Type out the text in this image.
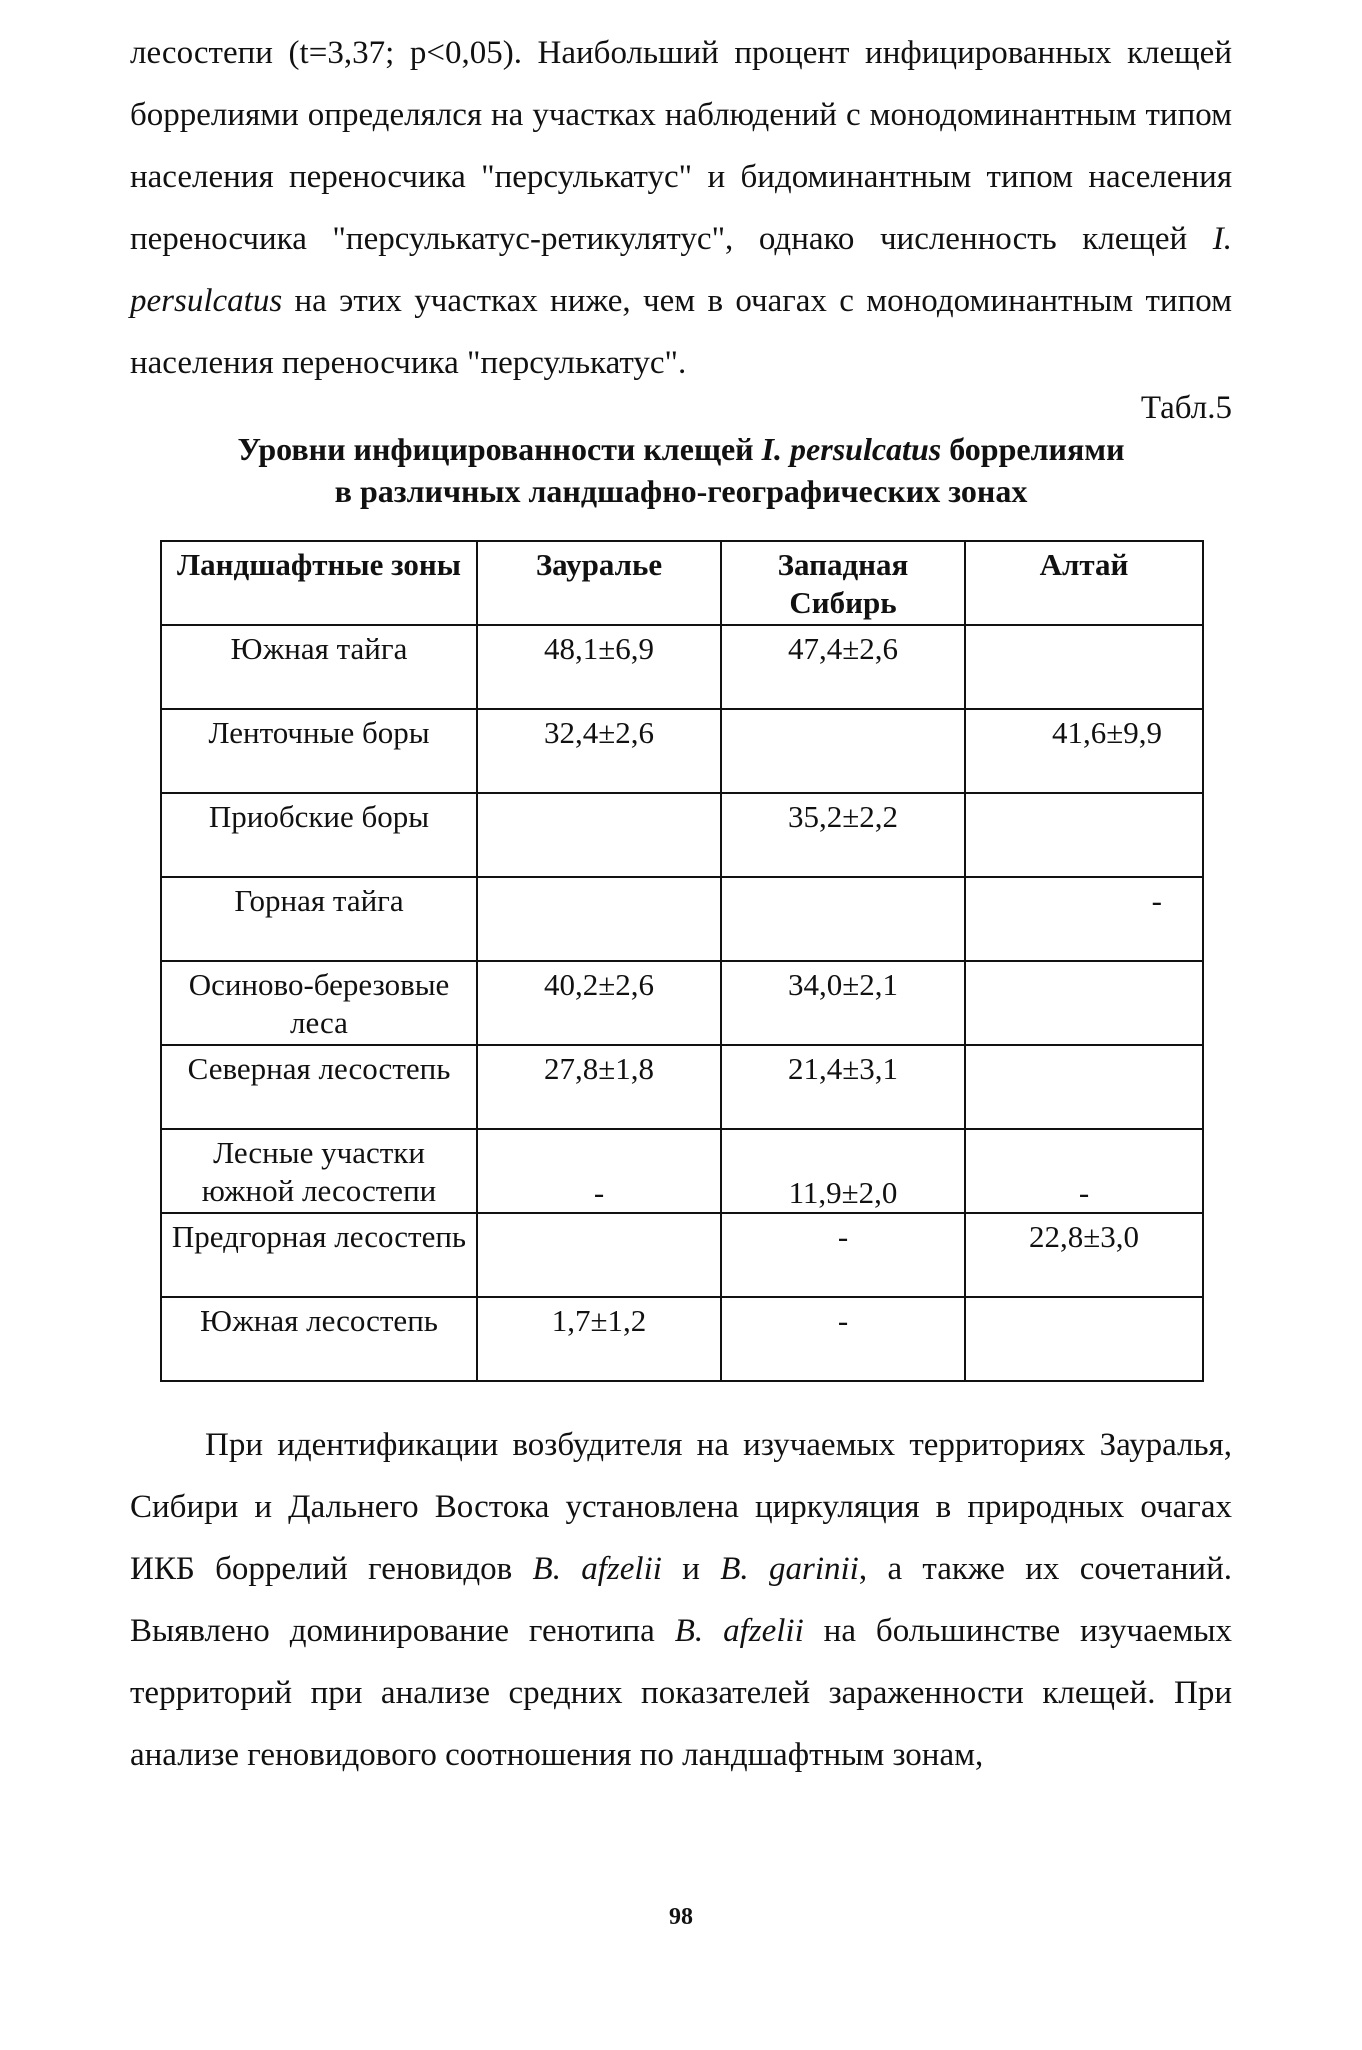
лесостепи (t=3,37; p<0,05). Наибольший процент инфицированных клещей боррелиями определялся на участках наблюдений с монодоминантным типом населения переносчика "персулькатус" и бидоминантным типом населения переносчика "персулькатус-ретикулятус", однако численность клещей I. persulcatus на этих участках ниже, чем в очагах с монодоминантным типом населения переносчика "персулькатус".
Табл.5
Уровни инфицированности клещей I. persulcatus боррелиями
в различных ландшафно-географических зонах
Ландшафтные зоны	Зауралье	Западная Сибирь	Алтай
Южная тайга	48,1±6,9	47,4±2,6	
Ленточные боры	32,4±2,6		41,6±9,9
Приобские боры		35,2±2,2	
Горная тайга			-
Осиново-березовые леса	40,2±2,6	34,0±2,1	
Северная лесостепь	27,8±1,8	21,4±3,1	
Лесные участки южной лесостепи	-	11,9±2,0	-
Предгорная лесостепь		-	22,8±3,0
Южная лесостепь	1,7±1,2	-	
При идентификации возбудителя на изучаемых территориях Зауралья, Сибири и Дальнего Востока установлена циркуляция в природных очагах ИКБ боррелий геновидов B. afzelii и B. garinii, а также их сочетаний. Выявлено доминирование генотипа B. afzelii на большинстве изучаемых территорий при анализе средних показателей зараженности клещей. При анализе геновидового соотношения по ландшафтным зонам,
98
